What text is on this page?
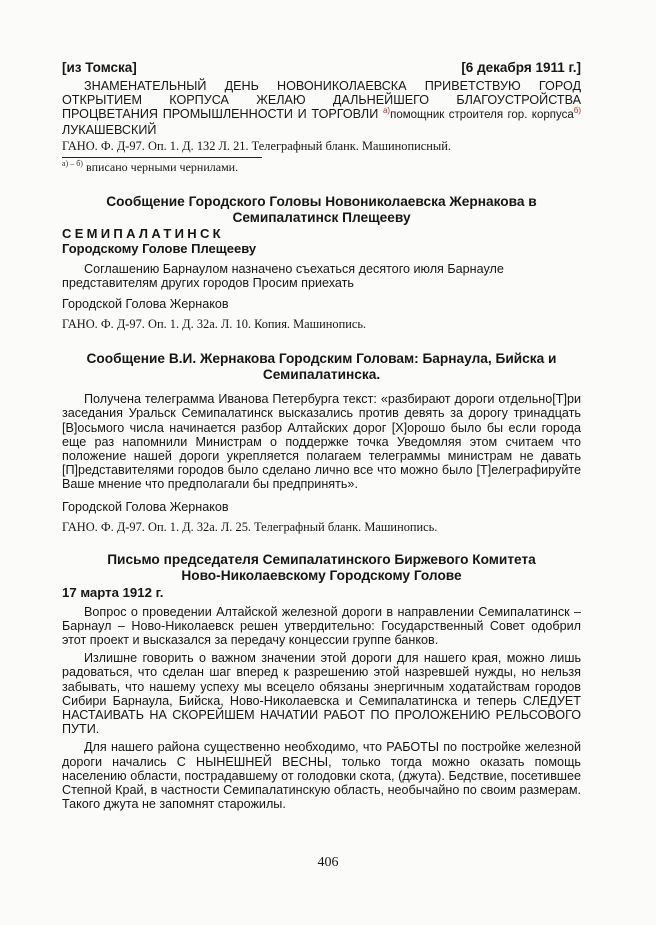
[из Томска]	[6 декабря 1911 г.]
ЗНАМЕНАТЕЛЬНЫЙ ДЕНЬ НОВОНИКОЛАЕВСКА ПРИВЕТСТВУЮ ГОРОД ОТКРЫТИЕМ КОРПУСА ЖЕЛАЮ ДАЛЬНЕЙШЕГО БЛАГОУСТРОЙСТВА ПРОЦВЕТАНИЯ ПРОМЫШЛЕННОСТИ И ТОРГОВЛИ $^{а)}$помощник строителя гор. корпуса$^{б)}$ ЛУКАШЕВСКИЙ
ГАНО. Ф. Д-97. Оп. 1. Д. 132 Л. 21. Телеграфный бланк. Машинописный.
$^{а) - б)}$ вписано черными чернилами.
Сообщение Городского Головы Новониколаевска Жернакова в Семипалатинск Плещееву
СЕМИПАЛАТИНСК
Городскому Голове Плещееву
Соглашению Барнаулом назначено съехаться десятого июля Барнауле представителям других городов Просим приехать
Городской Голова Жернаков
ГАНО. Ф. Д-97. Оп. 1. Д. 32а. Л. 10. Копия. Машинопись.
Сообщение В.И. Жернакова Городским Головам: Барнаула, Бийска и Семипалатинска.
Получена телеграмма Иванова Петербурга текст: «разбирают дороги отдельно[Т]ри заседания Уральск Семипалатинск высказались против девять за дорогу тринадцать [В]осьмого числа начинается разбор Алтайских дорог [Х]орошо было бы если города еще раз напомнили Министрам о поддержке точка Уведомляя этом считаем что положение нашей дороги укрепляется полагаем телеграммы министрам не давать [П]редставителями городов было сделано лично все что можно было [Т]елеграфируйте Ваше мнение что предполагали бы предпринять».
Городской Голова Жернаков
ГАНО. Ф. Д-97. Оп. 1. Д. 32а. Л. 25. Телеграфный бланк. Машинопись.
Письмо председателя Семипалатинского Биржевого Комитета Ново-Николаевскому Городскому Голове
17 марта 1912 г.
Вопрос о проведении Алтайской железной дороги в направлении Семипалатинск – Барнаул – Ново-Николаевск решен утвердительно: Государственный Совет одобрил этот проект и высказался за передачу концессии группе банков.
Излишне говорить о важном значении этой дороги для нашего края, можно лишь радоваться, что сделан шаг вперед к разрешению этой назревшей нужды, но нельзя забывать, что нашему успеху мы всецело обязаны энергичным ходатайствам городов Сибири Барнаула, Бийска, Ново-Николаевска и Семипалатинска и теперь СЛЕДУЕТ НАСТАИВАТЬ НА СКОРЕЙШЕМ НАЧАТИИ РАБОТ ПО ПРОЛОЖЕНИЮ РЕЛЬСОВОГО ПУТИ.
Для нашего района существенно необходимо, что РАБОТЫ по постройке железной дороги начались С НЫНЕШНЕЙ ВЕСНЫ, только тогда можно оказать помощь населению области, пострадавшему от голодовки скота, (джута). Бедствие, посетившее Степной Край, в частности Семипалатинскую область, необычайно по своим размерам. Такого джута не запомнят старожилы.
406
